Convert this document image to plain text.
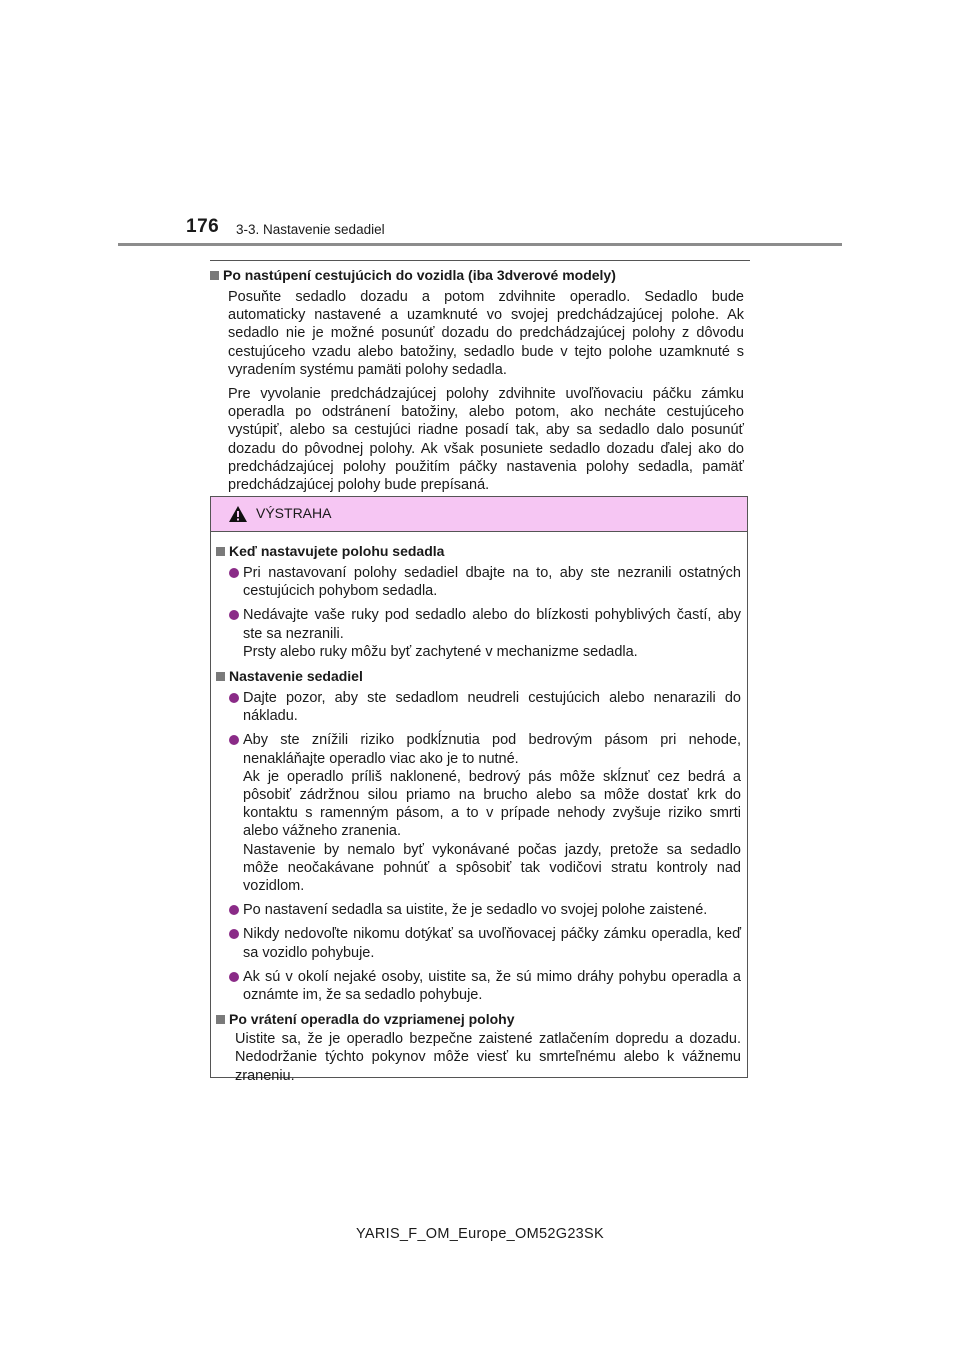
176 3-3. Nastavenie sedadiel
Po nastúpení cestujúcich do vozidla (iba 3dverové modely)

Posuňte sedadlo dozadu a potom zdvihnite operadlo. Sedadlo bude automaticky nastavené a uzamknuté vo svojej predchádzajúcej polohe. Ak sedadlo nie je možné posunúť dozadu do predchádzajúcej polohy z dôvodu cestujúceho vzadu alebo batožiny, sedadlo bude v tejto polohe uzamknuté s vyradením systému pamäti polohy sedadla.

Pre vyvolanie predchádzajúcej polohy zdvihnite uvoľňovaciu páčku zámku operadla po odstránení batožiny, alebo potom, ako necháte cestujúceho vystúpiť, alebo sa cestujúci riadne posadí tak, aby sa sedadlo dalo posunúť dozadu do pôvodnej polohy. Ak však posuniete sedadlo dozadu ďalej ako do predchádzajúcej polohy použitím páčky nastavenia polohy sedadla, pamäť predchádzajúcej polohy bude prepísaná.

VÝSTRAHA
Keď nastavujete polohu sedadla
Pri nastavovaní polohy sedadiel dbajte na to, aby ste nezranili ostatných cestujúcich pohybom sedadla.
Nedávajte vaše ruky pod sedadlo alebo do blízkosti pohyblivých častí, aby ste sa nezranili.
Prsty alebo ruky môžu byť zachytené v mechanizme sedadla.
Nastavenie sedadiel
Dajte pozor, aby ste sedadlom neudreli cestujúcich alebo nenarazili do nákladu.
Aby ste znížili riziko podkĺznutia pod bedrovým pásom pri nehode, nenakláňajte operadlo viac ako je to nutné.
Ak je operadlo príliš naklonené, bedrový pás môže skĺznuť cez bedrá a pôsobiť zádržnou silou priamo na brucho alebo sa môže dostať krk do kontaktu s ramenným pásom, a to v prípade nehody zvyšuje riziko smrti alebo vážneho zranenia.
Nastavenie by nemalo byť vykonávané počas jazdy, pretože sa sedadlo môže neočakávane pohnúť a spôsobiť tak vodičovi stratu kontroly nad vozidlom.
Po nastavení sedadla sa uistite, že je sedadlo vo svojej polohe zaistené.
Nikdy nedovoľte nikomu dotýkať sa uvoľňovacej páčky zámku operadla, keď sa vozidlo pohybuje.
Ak sú v okolí nejaké osoby, uistite sa, že sú mimo dráhy pohybu operadla a oznámte im, že sa sedadlo pohybuje.
Po vrátení operadla do vzpriamenej polohy

Uistite sa, že je operadlo bezpečne zaistené zatlačením dopredu a dozadu. Nedodržanie týchto pokynov môže viesť ku smrteľnému alebo k vážnemu zraneniu.

YARIS_F_OM_Europe_OM52G23SK
